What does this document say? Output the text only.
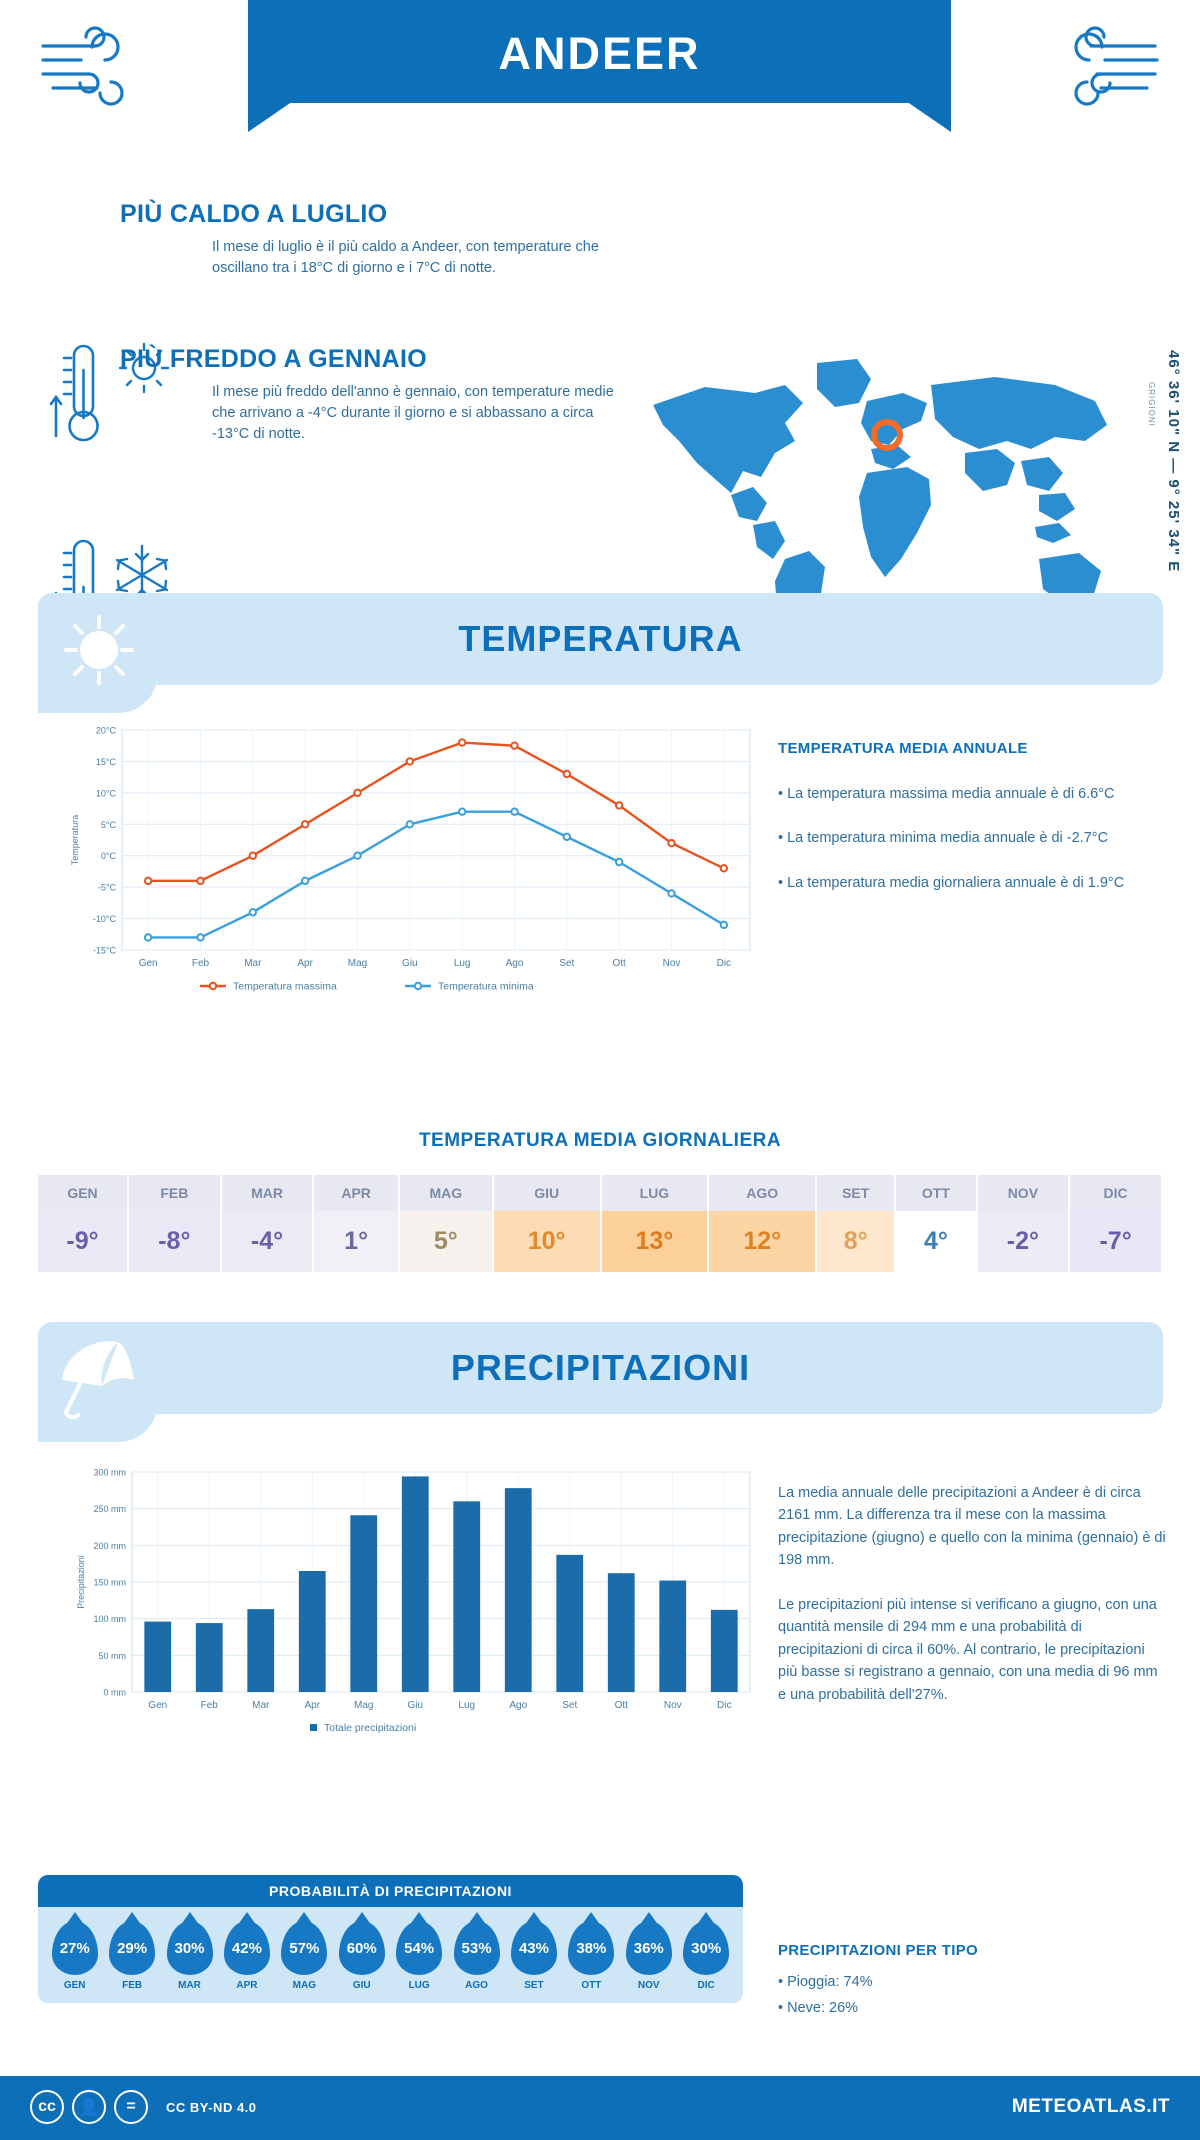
ANDEER
SVIZZERA
PIÙ CALDO A LUGLIO
Il mese di luglio è il più caldo a Andeer, con temperature che oscillano tra i 18°C di giorno e i 7°C di notte.
PIÙ FREDDO A GENNAIO
Il mese più freddo dell'anno è gennaio, con temperature medie che arrivano a -4°C durante il giorno e si abbassano a circa -13°C di notte.	46° 36' 10" N — 9° 25' 34" E
GRIGIONI
TEMPERATURA
-15°C
-10°C
-5°C
0°C
5°C
10°C
15°C
20°C
Gen	Feb	Mar	Apr	Mag	Giu	Lug	Ago	Set	Ott	Nov	Dic
Temperatura
Temperatura massima	Temperatura minima
TEMPERATURA MEDIA ANNUALE
• La temperatura massima media annuale è di 6.6°C
• La temperatura minima media annuale è di -2.7°C
• La temperatura media giornaliera annuale è di 1.9°C
TEMPERATURA MEDIA GIORNALIERA
GEN	FEB	MAR	APR	MAG	GIU	LUG	AGO	SET	OTT	NOV	DIC
-9°	-8°	-4°	1°	5°	10°	13°	12°	8°	4°	-2°	-7°
PRECIPITAZIONI
0 mm
50 mm
100 mm
150 mm
200 mm
250 mm
300 mm
Gen	Feb	Mar	Apr	Mag	Giu	Lug	Ago	Set	Ott	Nov	Dic
Precipitazioni
Totale precipitazioni
La media annuale delle precipitazioni a Andeer è di circa 2161 mm. La differenza tra il mese con la massima precipitazione (giugno) e quello con la minima (gennaio) è di 198 mm.
Le precipitazioni più intense si verificano a giugno, con una quantità mensile di 294 mm e una probabilità di precipitazioni di circa il 60%. Al contrario, le precipitazioni più basse si registrano a gennaio, con una media di 96 mm e una probabilità dell'27%.
PROBABILITÀ DI PRECIPITAZIONI
27%
GEN
29%
FEB
30%
MAR
42%
APR
57%
MAG
60%
GIU
54%
LUG
53%
AGO
43%
SET
38%
OTT
36%
NOV
30%
DIC
PRECIPITAZIONI PER TIPO
• Pioggia: 74%
• Neve: 26%
cc	👤	=	CC BY-ND 4.0	METEOATLAS.IT
